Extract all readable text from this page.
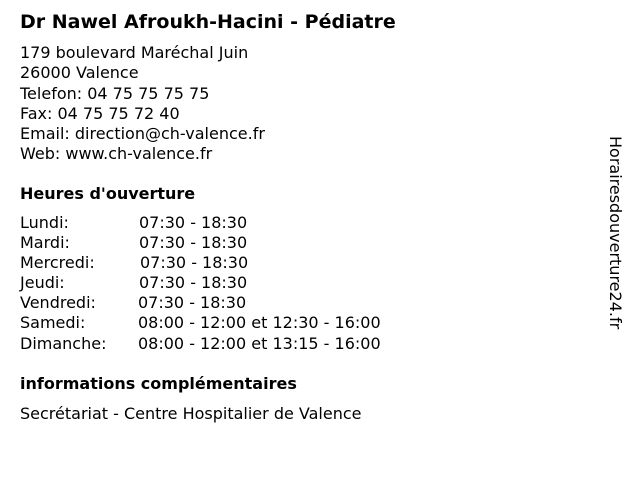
Dr Nawel Afroukh-Hacini - Pédiatre
179 boulevard Maréchal Juin
26000 Valence
Telefon: 04 75 75 75 75
Fax: 04 75 75 72 40
Email: direction@ch-valence.fr
Web: www.ch-valence.fr
Heures d'ouverture
Lundi:	07:30 - 18:30
Mardi:	07:30 - 18:30
Mercredi:	07:30 - 18:30
Jeudi:	07:30 - 18:30
Vendredi:	07:30 - 18:30
Samedi:	08:00 - 12:00 et 12:30 - 16:00
Dimanche: 08:00 - 12:00 et 13:15 - 16:00
informations complémentaires
Secrétariat - Centre Hospitalier de Valence
Horairesdouverture24.fr
